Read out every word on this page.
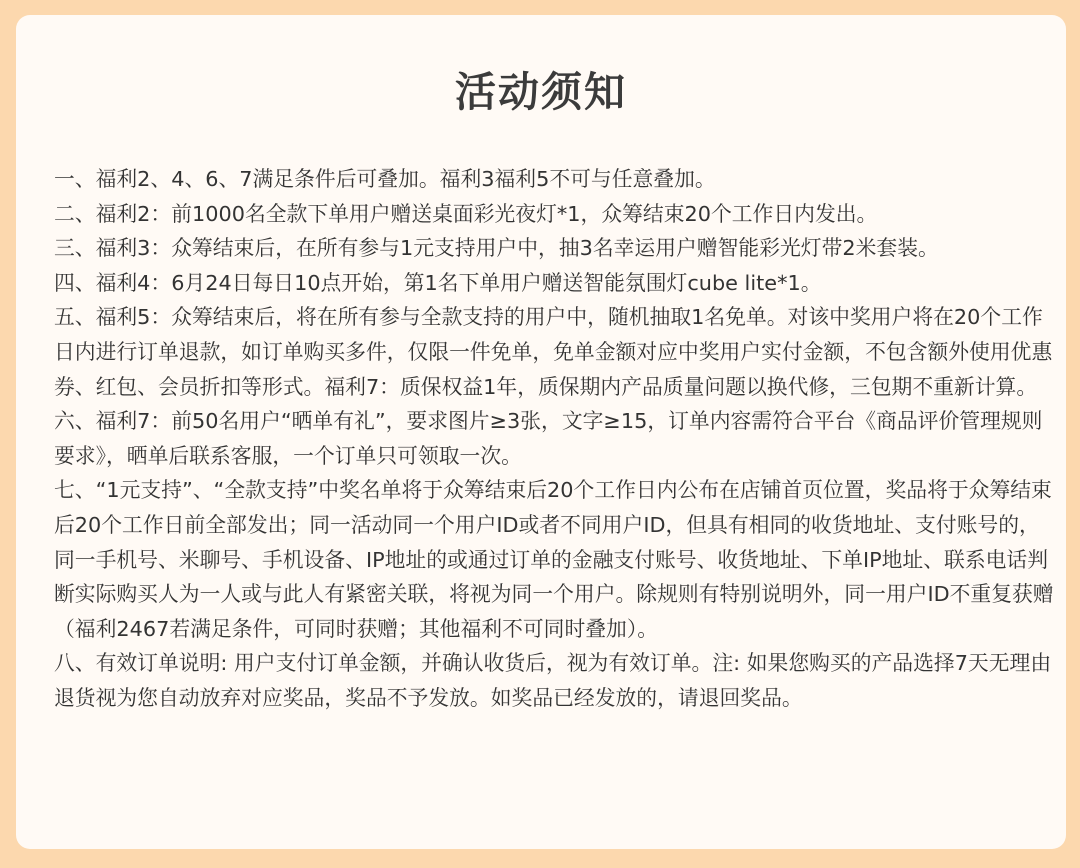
活动须知

一、福利2、4、6、7满足条件后可叠加。福利3福利5不可与任意叠加。

二、福利2：前1000名全款下单用户赠送桌面彩光夜灯*1，众筹结束20个工作日内发出。

三、福利3：众筹结束后，在所有参与1元支持用户中，抽3名幸运用户赠智能彩光灯带2米套装。

四、福利4：6月24日每日10点开始，第1名下单用户赠送智能氛围灯cube lite*1。

五、福利5：众筹结束后，将在所有参与全款支持的用户中，随机抽取1名免单。对该中奖用户将在20个工作日内进行订单退款，如订单购买多件，仅限一件免单，免单金额对应中奖用户实付金额，不包含额外使用优惠券、红包、会员折扣等形式。福利7：质保权益1年，质保期内产品质量问题以换代修，三包期不重新计算。

六、福利7：前50名用户“晒单有礼”，要求图片≥3张，文字≥15，订单内容需符合平台《商品评价管理规则要求》，晒单后联系客服，一个订单只可领取一次。

七、“1元支持”、“全款支持”中奖名单将于众筹结束后20个工作日内公布在店铺首页位置，奖品将于众筹结束后20个工作日前全部发出；同一活动同一个用户ID或者不同用户ID，但具有相同的收货地址、支付账号的，同一手机号、米聊号、手机设备、IP地址的或通过订单的金融支付账号、收货地址、下单IP地址、联系电话判断实际购买人为一人或与此人有紧密关联，将视为同一个用户。除规则有特别说明外，同一用户ID不重复获赠（福利2467若满足条件，可同时获赠；其他福利不可同时叠加）。

八、有效订单说明: 用户支付订单金额，并确认收货后，视为有效订单。注: 如果您购买的产品选择7天无理由退货视为您自动放弃对应奖品，奖品不予发放。如奖品已经发放的，请退回奖品。
